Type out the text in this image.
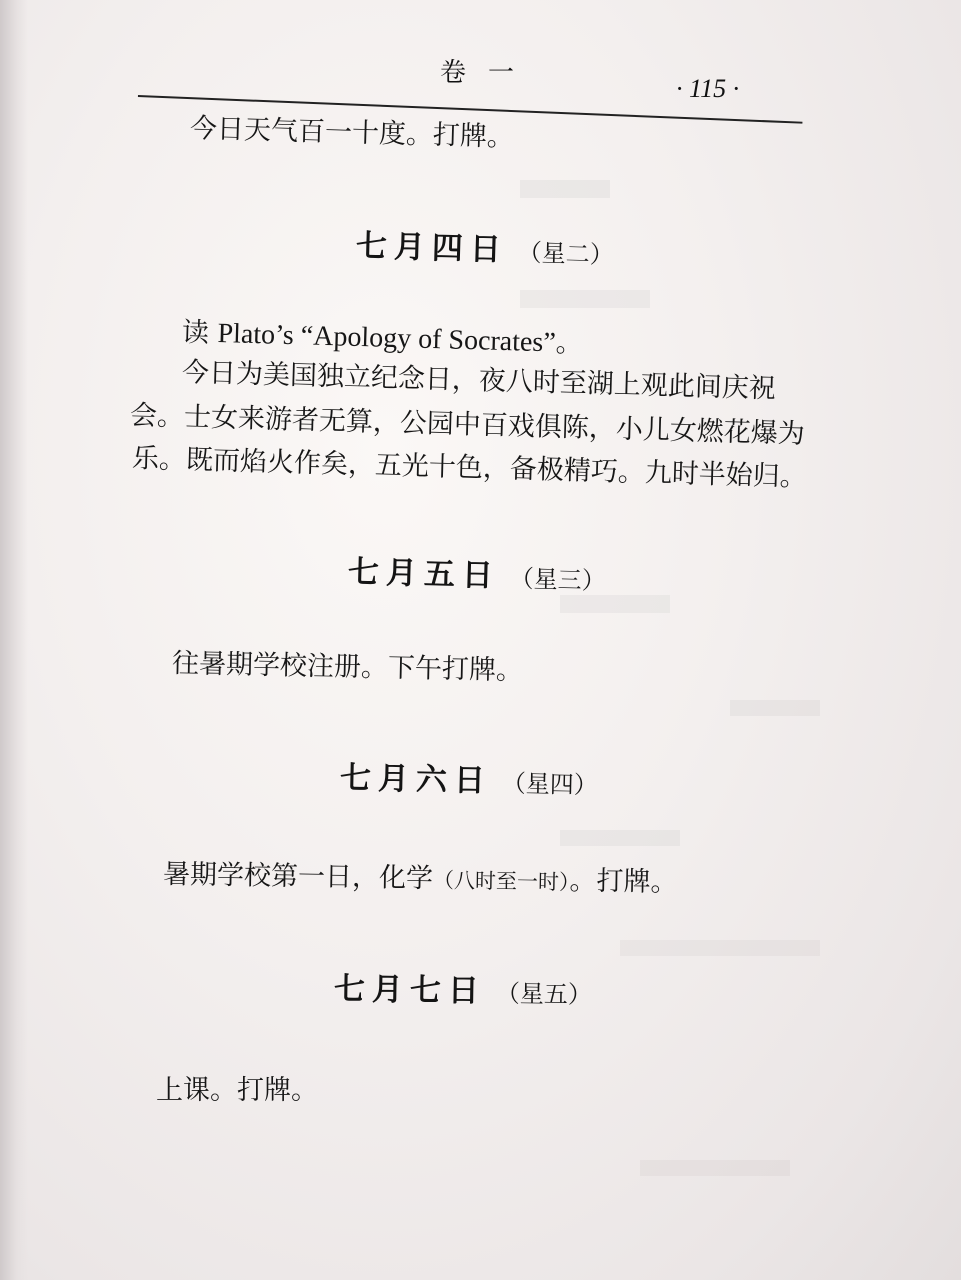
卷一
· 115 ·
今日天气百一十度。打牌。
七月四日 （星二）
读 Plato’s “Apology of Socrates”。
今日为美国独立纪念日，夜八时至湖上观此间庆祝
会。士女来游者无算，公园中百戏俱陈，小儿女燃花爆为
乐。既而焰火作矣，五光十色，备极精巧。九时半始归。
七月五日 （星三）
往暑期学校注册。下午打牌。
七月六日 （星四）
暑期学校第一日，化学（八时至一时）。打牌。
七月七日 （星五）
上课。打牌。
